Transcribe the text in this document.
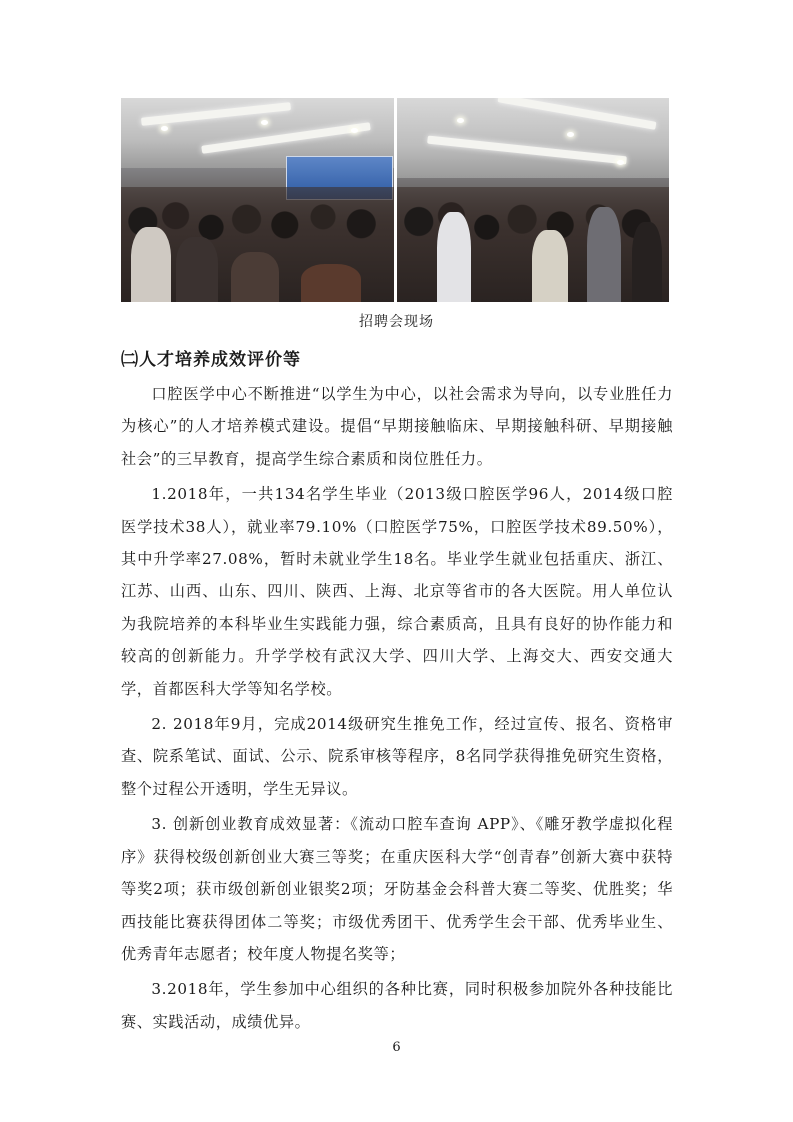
招聘会现场
㈡人才培养成效评价等

口腔医学中心不断推进“以学生为中心，以社会需求为导向，以专业胜任力为核心”的人才培养模式建设。提倡“早期接触临床、早期接触科研、早期接触社会”的三早教育，提高学生综合素质和岗位胜任力。

1.2018年，一共134名学生毕业（2013级口腔医学96人，2014级口腔医学技术38人），就业率79.10%（口腔医学75%，口腔医学技术89.50%），其中升学率27.08%，暂时未就业学生18名。毕业学生就业包括重庆、浙江、江苏、山西、山东、四川、陕西、上海、北京等省市的各大医院。用人单位认为我院培养的本科毕业生实践能力强，综合素质高，且具有良好的协作能力和较高的创新能力。升学学校有武汉大学、四川大学、上海交大、西安交通大学，首都医科大学等知名学校。

2. 2018年9月，完成2014级研究生推免工作，经过宣传、报名、资格审查、院系笔试、面试、公示、院系审核等程序，8名同学获得推免研究生资格，整个过程公开透明，学生无异议。

3. 创新创业教育成效显著：《流动口腔车查询 APP》、《雕牙教学虚拟化程序》获得校级创新创业大赛三等奖；在重庆医科大学“创青春”创新大赛中获特等奖2项；获市级创新创业银奖2项；牙防基金会科普大赛二等奖、优胜奖；华西技能比赛获得团体二等奖；市级优秀团干、优秀学生会干部、优秀毕业生、优秀青年志愿者；校年度人物提名奖等；

3.2018年，学生参加中心组织的各种比赛，同时积极参加院外各种技能比赛、实践活动，成绩优异。

6
